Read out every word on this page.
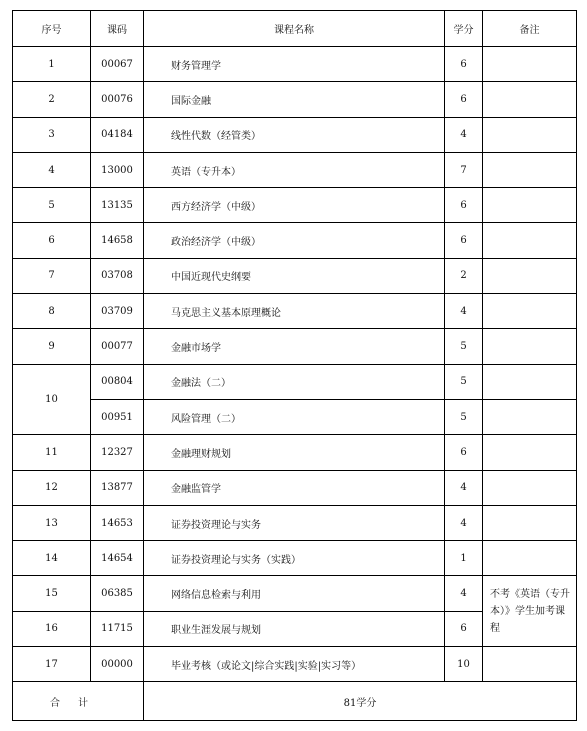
序号	课码	课程名称	学分	备注
1	00067	财务管理学	6	
2	00076	国际金融	6	
3	04184	线性代数（经管类）	4	
4	13000	英语（专升本）	7	
5	13135	西方经济学（中级）	6	
6	14658	政治经济学（中级）	6	
7	03708	中国近现代史纲要	2	
8	03709	马克思主义基本原理概论	4	
9	00077	金融市场学	5	
10	00804	金融法（二）	5	
	00951	风险管理（二）	5	
11	12327	金融理财规划	6	
12	13877	金融监管学	4	
13	14653	证券投资理论与实务	4	
14	14654	证券投资理论与实务（实践）	1	
15	06385	网络信息检索与利用	4	不考《英语（专升本）》学生加考课程
16	11715	职业生涯发展与规划	6	
17	00000	毕业考核（或论文|综合实践|实验|实习等）	10	
合计		81学分		
